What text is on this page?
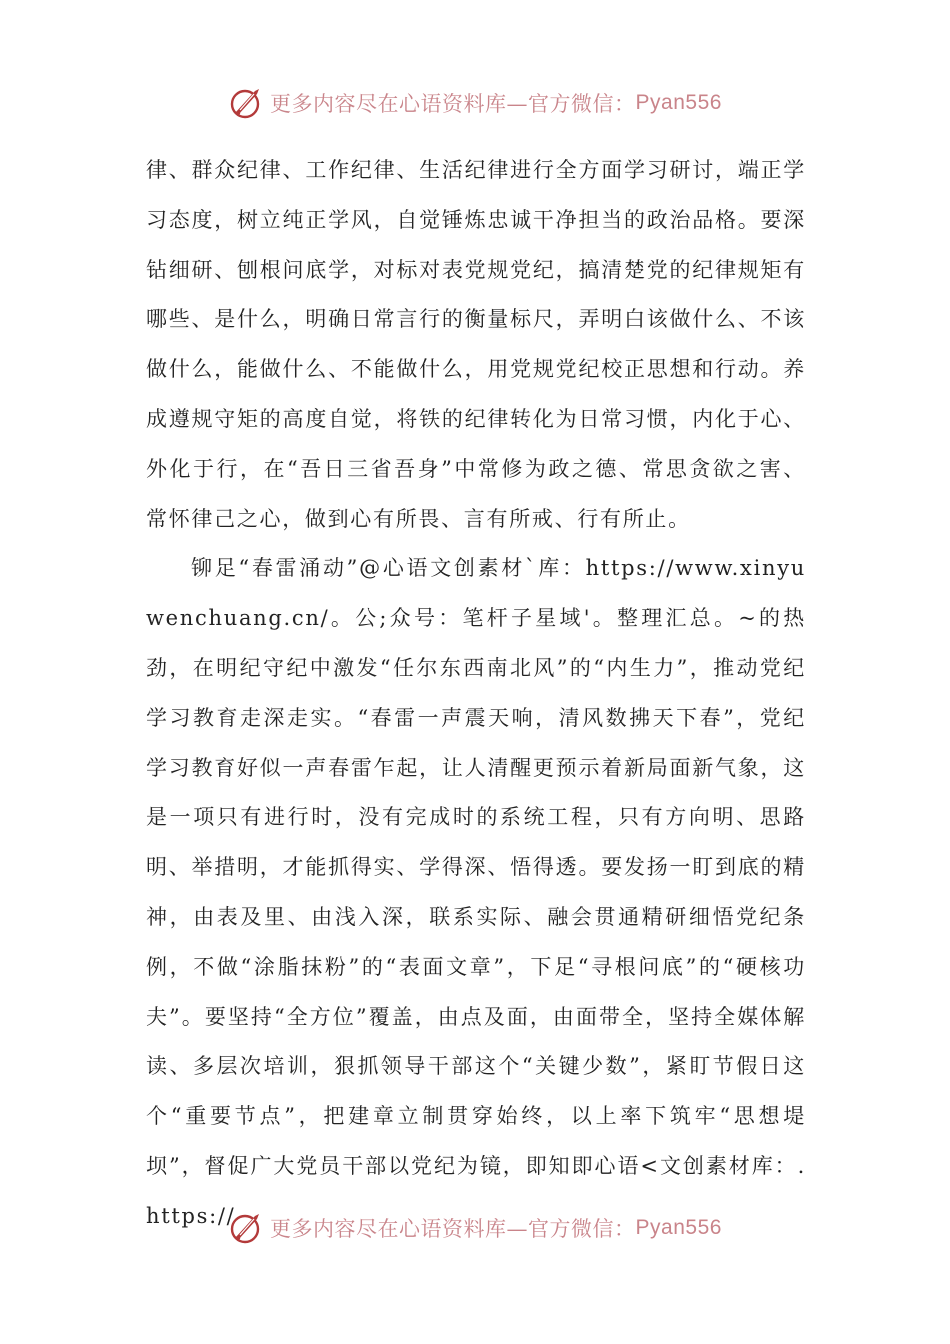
更多内容尽在心语资料库—官方微信： Pyan556

律、群众纪律、工作纪律、生活纪律进行全方面学习研讨，端正学习态度，树立纯正学风，自觉锤炼忠诚干净担当的政治品格。要深钻细研、刨根问底学，对标对表党规党纪，搞清楚党的纪律规矩有哪些、是什么，明确日常言行的衡量标尺，弄明白该做什么、不该做什么，能做什么、不能做什么，用党规党纪校正思想和行动。养成遵规守矩的高度自觉，将铁的纪律转化为日常习惯，内化于心、外化于行，在“吾日三省吾身”中常修为政之德、常思贪欲之害、常怀律己之心，做到心有所畏、言有所戒、行有所止。

铆足“春雷涌动”@心语文创素材`库：https://www.xinyuwenchuang.cn/。公;众号：笔杆子星域'。整理汇总。~的热劲，在明纪守纪中激发“任尔东西南北风”的“内生力”，推动党纪学习教育走深走实。“春雷一声震天响，清风数拂天下春”，党纪学习教育好似一声春雷乍起，让人清醒更预示着新局面新气象，这是一项只有进行时，没有完成时的系统工程，只有方向明、思路明、举措明，才能抓得实、学得深、悟得透。要发扬一盯到底的精神，由表及里、由浅入深，联系实际、融会贯通精研细悟党纪条例，不做“涂脂抹粉”的“表面文章”，下足“寻根问底”的“硬核功夫”。要坚持“全方位”覆盖，由点及面，由面带全，坚持全媒体解读、多层次培训，狠抓领导干部这个“关键少数”，紧盯节假日这个“重要节点”，把建章立制贯穿始终，以上率下筑牢“思想堤坝”，督促广大党员干部以党纪为镜，即知即心语<文创素材库：.https://

更多内容尽在心语资料库—官方微信： Pyan556
